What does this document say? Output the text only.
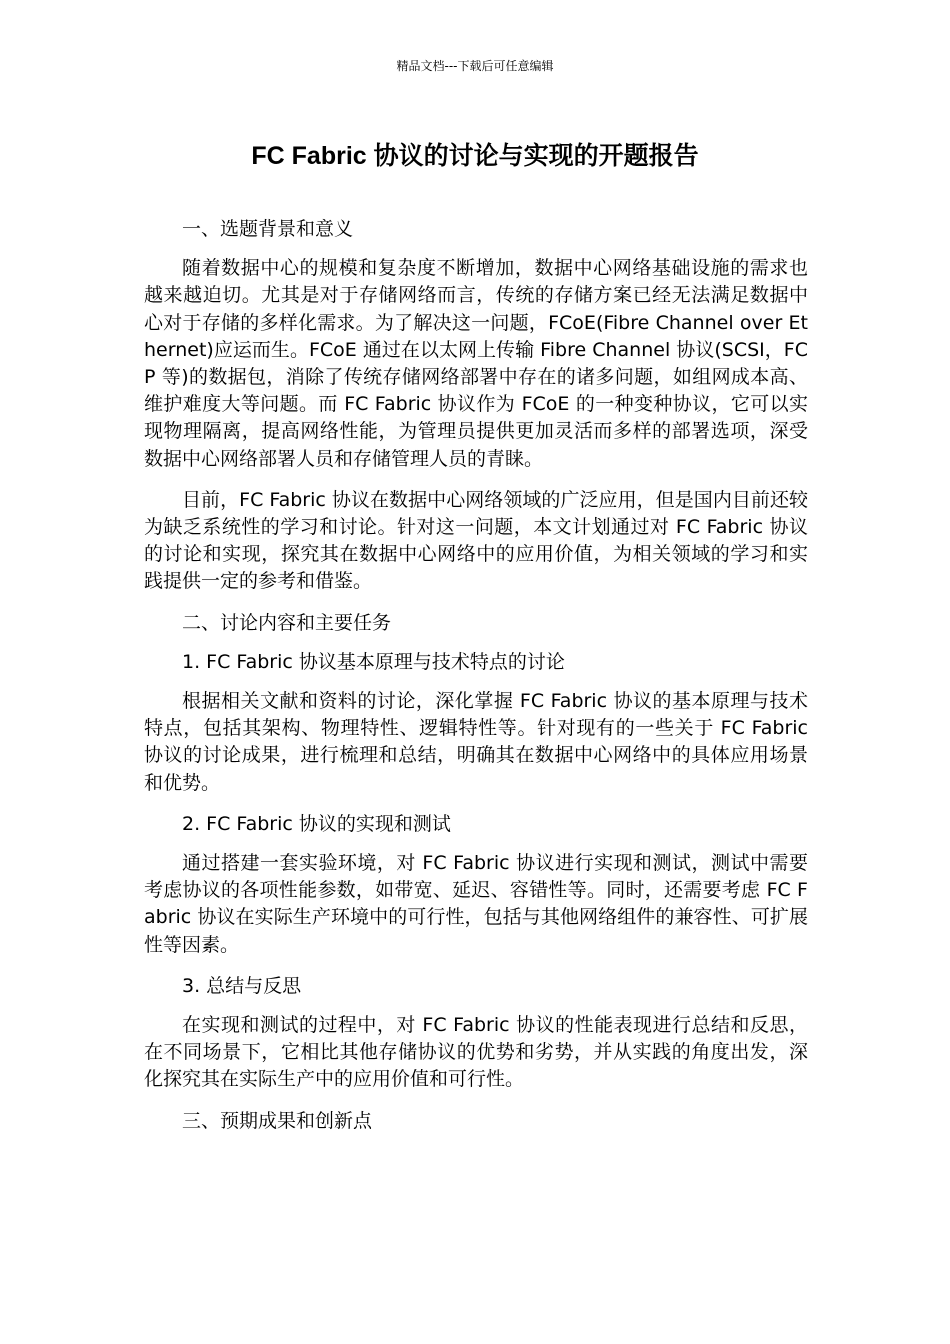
精品文档---下载后可任意编辑
FC Fabric 协议的讨论与实现的开题报告

一、选题背景和意义

随着数据中心的规模和复杂度不断增加，数据中心网络基础设施的需求也越来越迫切。尤其是对于存储网络而言，传统的存储方案已经无法满足数据中心对于存储的多样化需求。为了解决这一问题，FCoE(Fibre Channel over Ethernet)应运而生。FCoE 通过在以太网上传输 Fibre Channel 协议(SCSI，FCP 等)的数据包，消除了传统存储网络部署中存在的诸多问题，如组网成本高、维护难度大等问题。而 FC Fabric 协议作为 FCoE 的一种变种协议，它可以实现物理隔离，提高网络性能，为管理员提供更加灵活而多样的部署选项，深受数据中心网络部署人员和存储管理人员的青睐。

目前，FC Fabric 协议在数据中心网络领域的广泛应用，但是国内目前还较为缺乏系统性的学习和讨论。针对这一问题，本文计划通过对 FC Fabric 协议的讨论和实现，探究其在数据中心网络中的应用价值，为相关领域的学习和实践提供一定的参考和借鉴。

二、讨论内容和主要任务

1. FC Fabric 协议基本原理与技术特点的讨论

根据相关文献和资料的讨论，深化掌握 FC Fabric 协议的基本原理与技术特点，包括其架构、物理特性、逻辑特性等。针对现有的一些关于 FC Fabric 协议的讨论成果，进行梳理和总结，明确其在数据中心网络中的具体应用场景和优势。

2. FC Fabric 协议的实现和测试

通过搭建一套实验环境，对 FC Fabric 协议进行实现和测试，测试中需要考虑协议的各项性能参数，如带宽、延迟、容错性等。同时，还需要考虑 FC Fabric 协议在实际生产环境中的可行性，包括与其他网络组件的兼容性、可扩展性等因素。

3. 总结与反思

在实现和测试的过程中，对 FC Fabric 协议的性能表现进行总结和反思，在不同场景下，它相比其他存储协议的优势和劣势，并从实践的角度出发，深化探究其在实际生产中的应用价值和可行性。

三、预期成果和创新点
